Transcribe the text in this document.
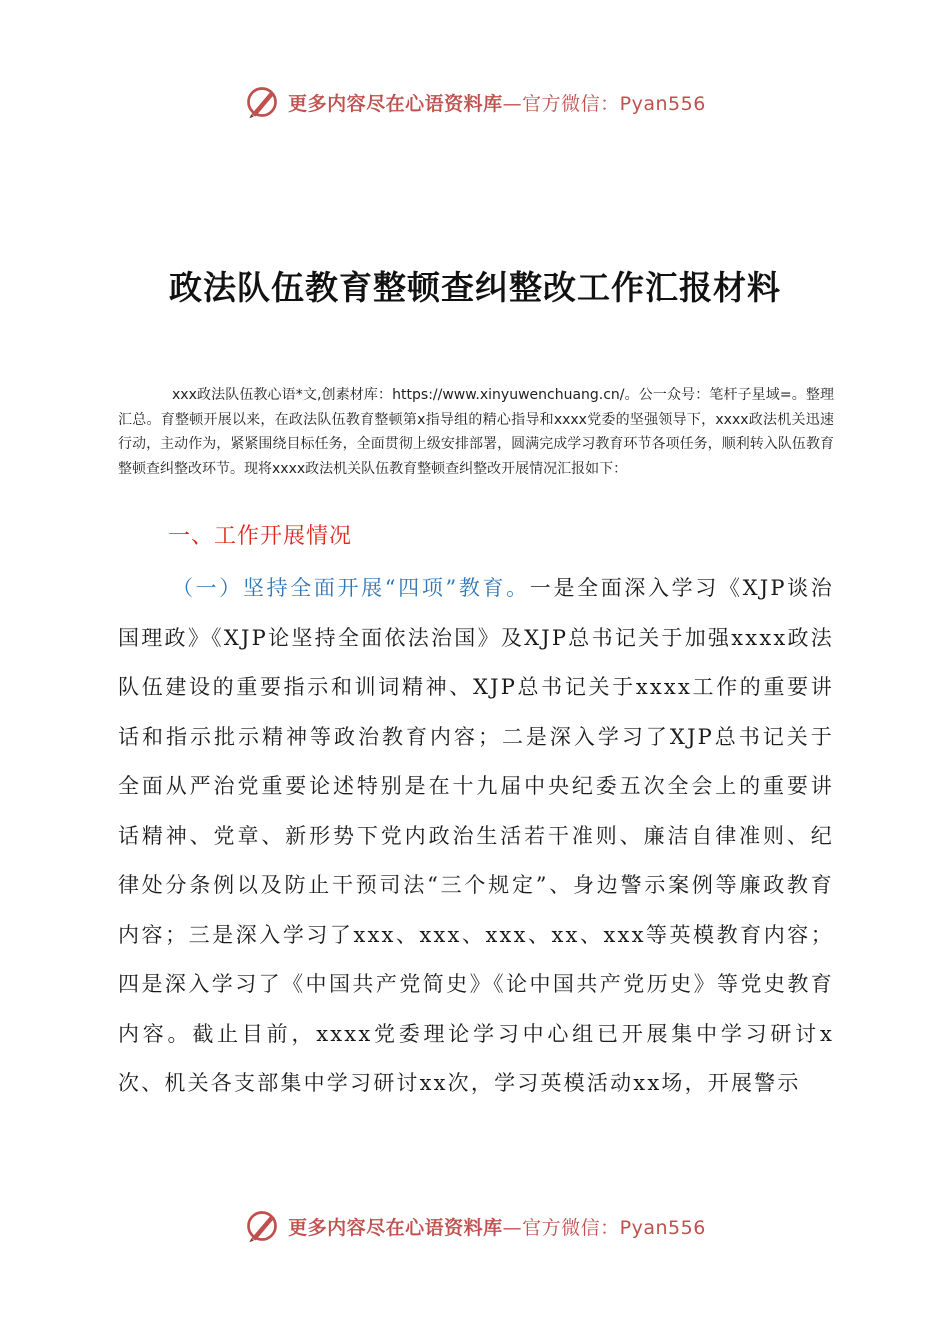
更多内容尽在心语资料库—官方微信：Pyan556
政法队伍教育整顿查纠整改工作汇报材料

xxx政法队伍教心语*文,创素材库：https://www.xinyuwenchuang.cn/。公一众号：笔杆子星域=。整理汇总。育整顿开展以来，在政法队伍教育整顿第x指导组的精心指导和xxxx党委的坚强领导下，xxxx政法机关迅速行动，主动作为，紧紧围绕目标任务，全面贯彻上级安排部署，圆满完成学习教育环节各项任务，顺利转入队伍教育整顿查纠整改环节。现将xxxx政法机关队伍教育整顿查纠整改开展情况汇报如下：

一、工作开展情况

（一）坚持全面开展“四项”教育。一是全面深入学习《XJP谈治国理政》《XJP论坚持全面依法治国》及XJP总书记关于加强xxxx政法队伍建设的重要指示和训词精神、XJP总书记关于xxxx工作的重要讲话和指示批示精神等政治教育内容；二是深入学习了XJP总书记关于全面从严治党重要论述特别是在十九届中央纪委五次全会上的重要讲话精神、党章、新形势下党内政治生活若干准则、廉洁自律准则、纪律处分条例以及防止干预司法“三个规定”、身边警示案例等廉政教育内容；三是深入学习了xxx、xxx、xxx、xx、xxx等英模教育内容；四是深入学习了《中国共产党简史》《论中国共产党历史》等党史教育内容。截止目前，xxxx党委理论学习中心组已开展集中学习研讨x次、机关各支部集中学习研讨xx次，学习英模活动xx场，开展警示

更多内容尽在心语资料库—官方微信：Pyan556
